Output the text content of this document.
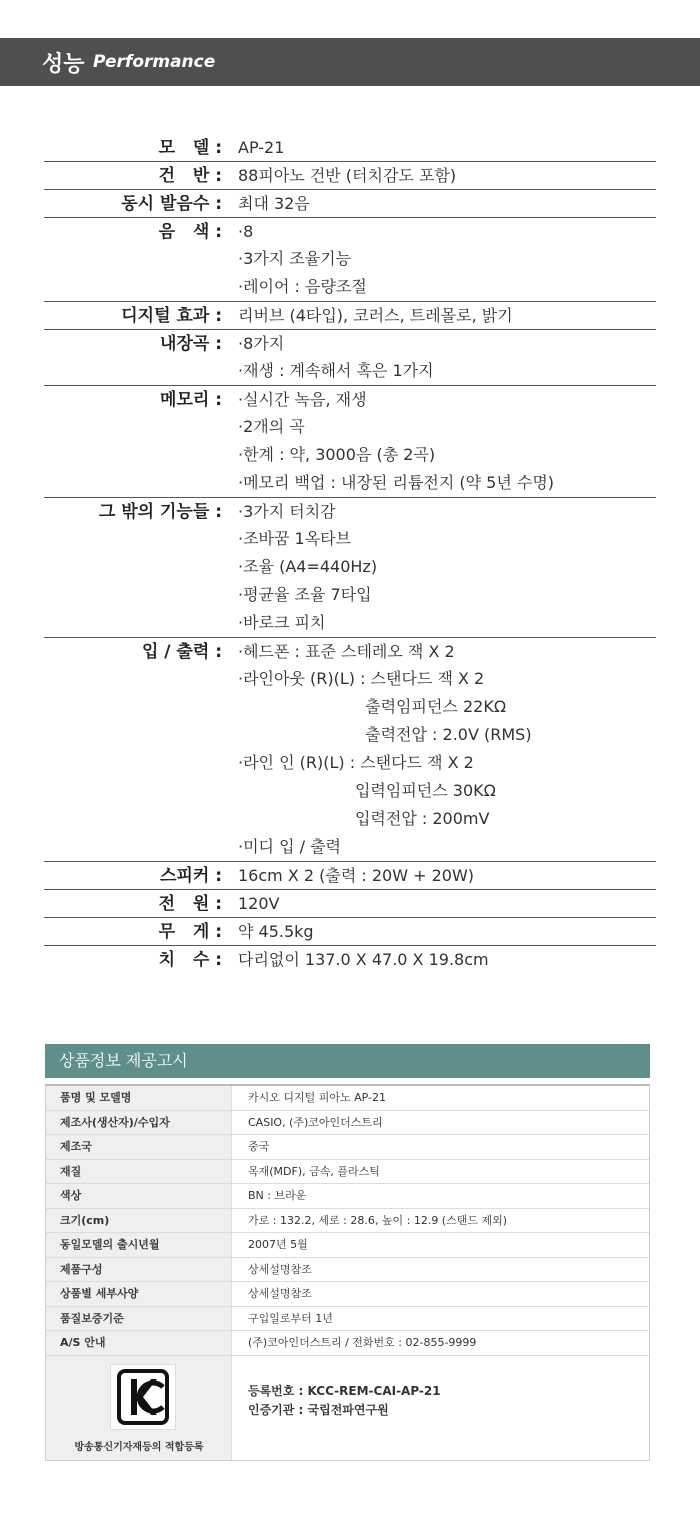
성능 Performance
모   델 : AP-21
건   반 : 88피아노 건반 (터치감도 포함)
동시 발음수 : 최대 32음
음   색 : ·8
·3가지 조율기능
·레이어 : 음량조절
디지털 효과 : 리버브 (4타입), 코러스, 트레몰로, 밝기
내장곡 : ·8가지
·재생 : 계속해서 혹은 1가지
메모리 : ·실시간 녹음, 재생
·2개의 곡
·한계 : 약, 3000음 (총 2곡)
·메모리 백업 : 내장된 리튬전지 (약 5년 수명)
그 밖의 기능들 : ·3가지 터치감
·조바꿈 1옥타브
·조율 (A4=440Hz)
·평균율 조율 7타입
·바로크 피치
입 / 출력 : ·헤드폰 : 표준 스테레오 잭 X 2
·라인아웃 (R)(L) : 스탠다드 잭 X 2
출력임피던스 22KΩ
출력전압 : 2.0V (RMS)
·라인 인 (R)(L) : 스탠다드 잭 X 2
입력임피던스 30KΩ
입력전압 : 200mV
·미디 입 / 출력
스피커 : 16cm X 2 (출력 : 20W + 20W)
전   원 : 120V
무   게 : 약 45.5kg
치   수 : 다리없이 137.0 X 47.0 X 19.8cm
상품정보 제공고시
품명 및 모델명	카시오 디지털 피아노 AP-21
제조사(생산자)/수입자	CASIO, (주)코아인더스트리
제조국	중국
재질	목재(MDF), 금속, 플라스틱
색상	BN : 브라운
크기(cm)	가로 : 132.2, 세로 : 28.6, 높이 : 12.9 (스탠드 제외)
동일모델의 출시년월	2007년 5월
제품구성	상세설명참조
상품별 세부사양	상세설명참조
품질보증기준	구입일로부터 1년
A/S 안내	(주)코아인더스트리 / 전화번호 : 02-855-9999
방송통신기자재등의 적합등록
등록번호 : KCC-REM-CAI-AP-21
인증기관 : 국립전파연구원
